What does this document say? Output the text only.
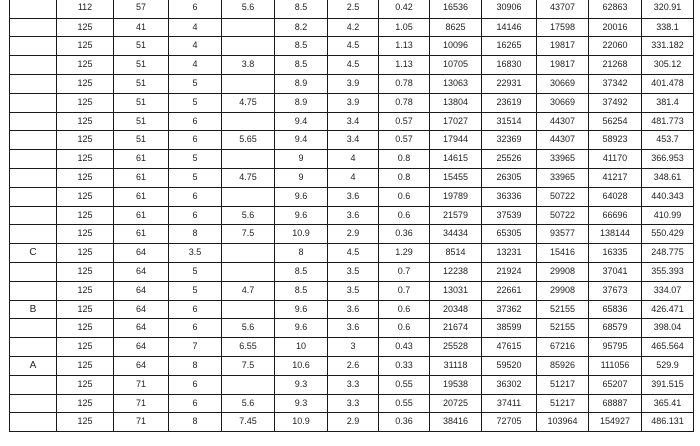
	112	57	6	5.6	8.5	2.5	0.42	16536	30906	43707	62863	320.91
	125	41	4		8.2	4.2	1.05	8625	14146	17598	20016	338.1
	125	51	4		8.5	4.5	1.13	10096	16265	19817	22060	331.182
	125	51	4	3.8	8.5	4.5	1.13	10705	16830	19817	21268	305.12
	125	51	5		8.9	3.9	0.78	13063	22931	30669	37342	401.478
	125	51	5	4.75	8.9	3.9	0.78	13804	23619	30669	37492	381.4
	125	51	6		9.4	3.4	0.57	17027	31514	44307	56254	481.773
	125	51	6	5.65	9.4	3.4	0.57	17944	32369	44307	58923	453.7
	125	61	5		9	4	0.8	14615	25526	33965	41170	366.953
	125	61	5	4.75	9	4	0.8	15455	26305	33965	41217	348.61
	125	61	6		9.6	3.6	0.6	19789	36336	50722	64028	440.343
	125	61	6	5.6	9.6	3.6	0.6	21579	37539	50722	66696	410.99
	125	61	8	7.5	10.9	2.9	0.36	34434	65305	93577	138144	550.429
C	125	64	3.5		8	4.5	1.29	8514	13231	15416	16335	248.775
	125	64	5		8.5	3.5	0.7	12238	21924	29908	37041	355.393
	125	64	5	4.7	8.5	3.5	0.7	13031	22661	29908	37673	334.07
B	125	64	6		9.6	3.6	0.6	20348	37362	52155	65836	426.471
	125	64	6	5.6	9.6	3.6	0.6	21674	38599	52155	68579	398.04
	125	64	7	6.55	10	3	0.43	25528	47615	67216	95795	465.564
A	125	64	8	7.5	10.6	2.6	0.33	31118	59520	85926	111056	529.9
	125	71	6		9.3	3.3	0.55	19538	36302	51217	65207	391.515
	125	71	6	5.6	9.3	3.3	0.55	20725	37411	51217	68887	365.41
	125	71	8	7.45	10.9	2.9	0.36	38416	72705	103964	154927	486.131
